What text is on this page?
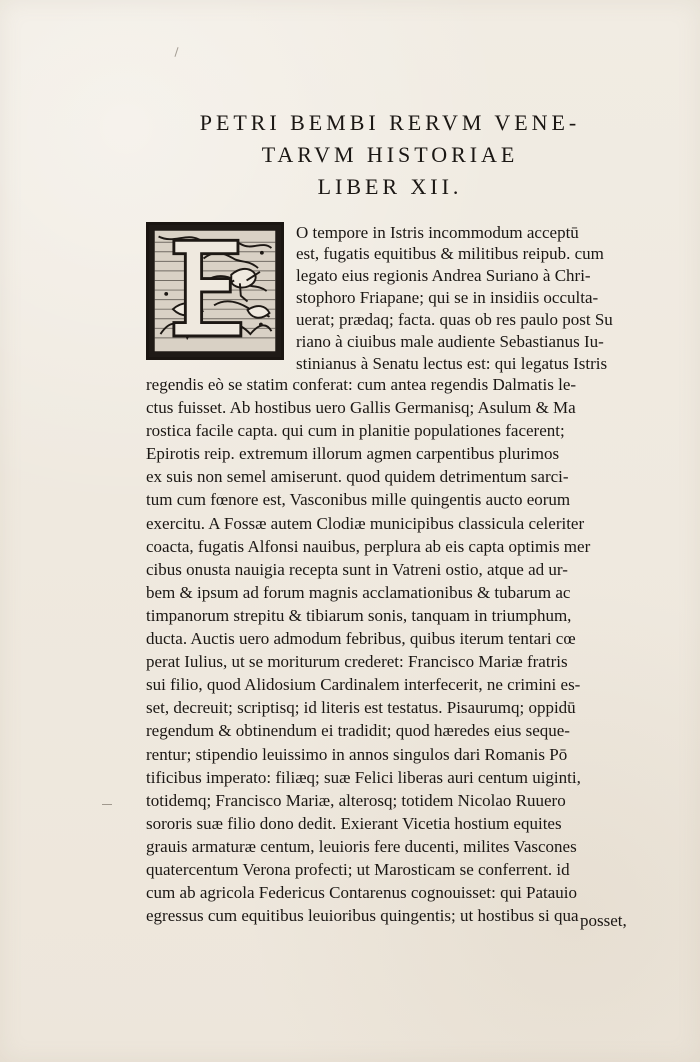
PETRI BEMBI RERVM VENE-
TARVM HISTORIAE
LIBER XII.
O tempore in Istris incommodum acceptū
est, fugatis equitibus & militibus reipub. cum
legato eius regionis Andrea Suriano à Chri-
stophoro Friapane; qui se in insidiis occulta-
uerat; prædaq; facta. quas ob res paulo post Su
riano à ciuibus male audiente Sebastianus Iu-
stinianus à Senatu lectus est: qui legatus Istris
regendis eò se statim conferat: cum antea regendis Dalmatis le-
ctus fuisset. Ab hostibus uero Gallis Germanisq; Asulum & Ma
rostica facile capta. qui cum in planitie populationes facerent;
Epirotis reip. extremum illorum agmen carpentibus plurimos
ex suis non semel amiserunt. quod quidem detrimentum sarci-
tum cum fœnore est, Vasconibus mille quingentis aucto eorum
exercitu. A Fossæ autem Clodiæ municipibus classicula celeriter
coacta, fugatis Alfonsi nauibus, perplura ab eis capta optimis mer
cibus onusta nauigia recepta sunt in Vatreni ostio, atque ad ur-
bem & ipsum ad forum magnis acclamationibus & tubarum ac
timpanorum strepitu & tibiarum sonis, tanquam in triumphum,
ducta. Auctis uero admodum febribus, quibus iterum tentari cœ
perat Iulius, ut se moriturum crederet: Francisco Mariæ fratris
sui filio, quod Alidosium Cardinalem interfecerit, ne crimini es-
set, decreuit; scriptisq; id literis est testatus. Pisaurumq; oppidū
regendum & obtinendum ei tradidit; quod hæredes eius seque-
rentur; stipendio leuissimo in annos singulos dari Romanis Pō
tificibus imperato: filiæq; suæ Felici liberas auri centum uiginti,
totidemq; Francisco Mariæ, alterosq; totidem Nicolao Ruuero
sororis suæ filio dono dedit. Exierant Vicetia hostium equites
grauis armaturæ centum, leuioris fere ducenti, milites Vascones
quatercentum Verona profecti; ut Marosticam se conferrent. id
cum ab agricola Federicus Contarenus cognouisset: qui Patauio
egressus cum equitibus leuioribus quingentis; ut hostibus si qua posset,
